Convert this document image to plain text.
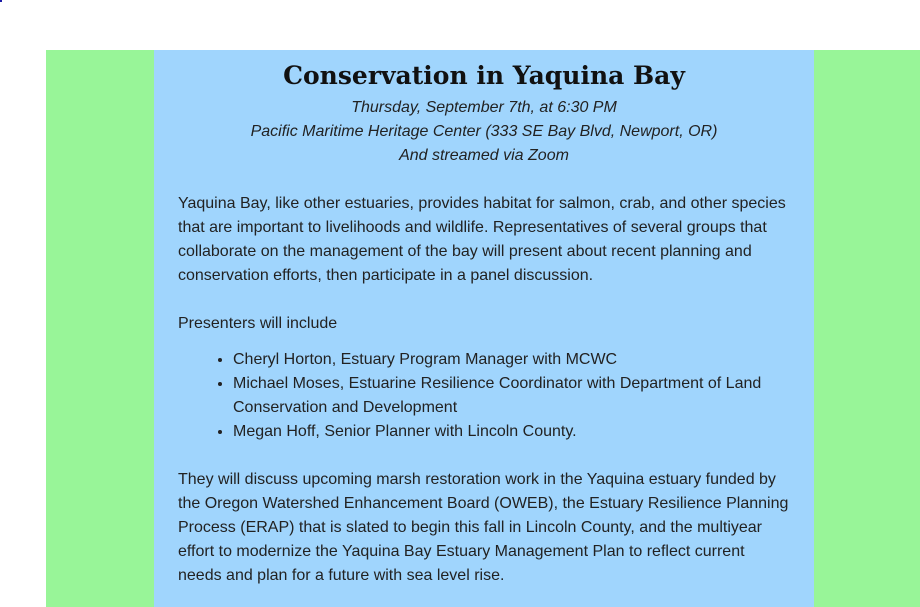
Conservation in Yaquina Bay

Thursday, September 7th, at 6:30 PM

Pacific Maritime Heritage Center (333 SE Bay Blvd, Newport, OR)

And streamed via Zoom

Yaquina Bay, like other estuaries, provides habitat for salmon, crab, and other species that are important to livelihoods and wildlife. Representatives of several groups that collaborate on the management of the bay will present about recent planning and conservation efforts, then participate in a panel discussion.

Presenters will include

• Cheryl Horton, Estuary Program Manager with MCWC
• Michael Moses, Estuarine Resilience Coordinator with Department of Land Conservation and Development
• Megan Hoff, Senior Planner with Lincoln County.

They will discuss upcoming marsh restoration work in the Yaquina estuary funded by the Oregon Watershed Enhancement Board (OWEB), the Estuary Resilience Planning Process (ERAP) that is slated to begin this fall in Lincoln County, and the multiyear effort to modernize the Yaquina Bay Estuary Management Plan to reflect current needs and plan for a future with sea level rise.
